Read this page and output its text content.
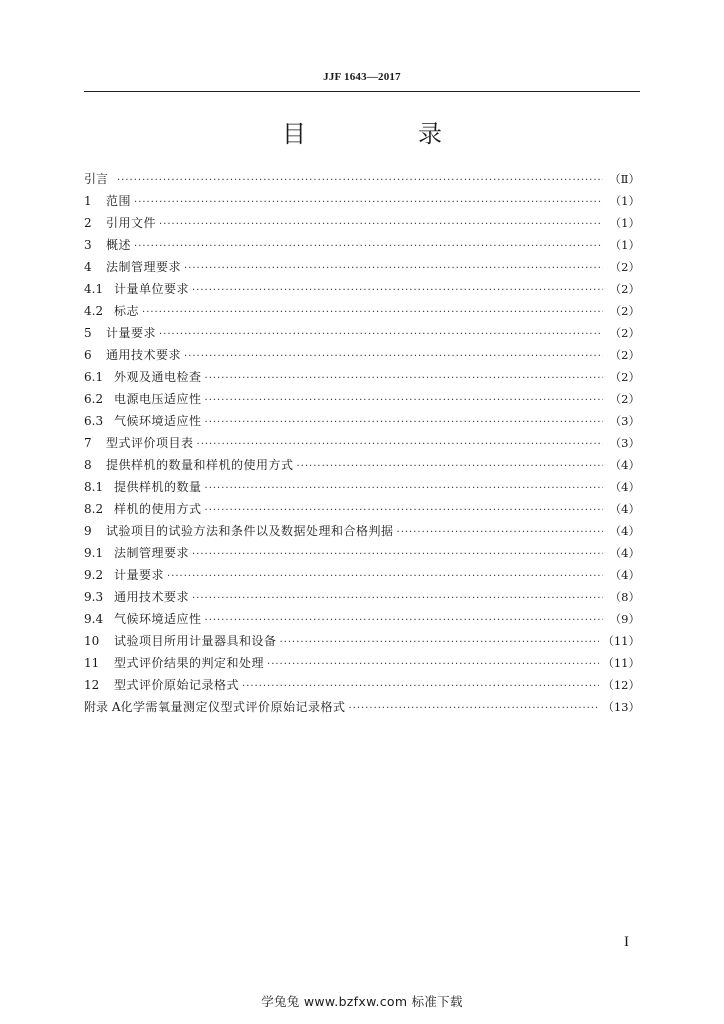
JJF 1643—2017
目　录
引言 ·····	（Ⅱ）
1	范围 ·····	（1）
2	引用文件 ·····	（1）
3	概述 ·····	（1）
4	法制管理要求 ·····	（2）
4.1 计量单位要求 ·····	（2）
4.2 标志 ·····	（2）
5	计量要求 ·····	（2）
6	通用技术要求 ·····	（2）
6.1 外观及通电检查 ·····	（2）
6.2 电源电压适应性 ·····	（2）
6.3 气候环境适应性 ·····	（3）
7	型式评价项目表 ·····	（3）
8	提供样机的数量和样机的使用方式 ·····	（4）
8.1 提供样机的数量 ·····	（4）
8.2 样机的使用方式 ·····	（4）
9	试验项目的试验方法和条件以及数据处理和合格判据 ·····	（4）
9.1 法制管理要求 ·····	（4）
9.2 计量要求 ·····	（4）
9.3 通用技术要求 ·····	（8）
9.4 气候环境适应性 ·····	（9）
10	试验项目所用计量器具和设备 ·····	（11）
11	型式评价结果的判定和处理 ·····	（11）
12	型式评价原始记录格式 ·····	（12）
附录 A 化学需氧量测定仪型式评价原始记录格式 ·····	（13）
I
学兔兔 www.bzfxw.com 标准下载
